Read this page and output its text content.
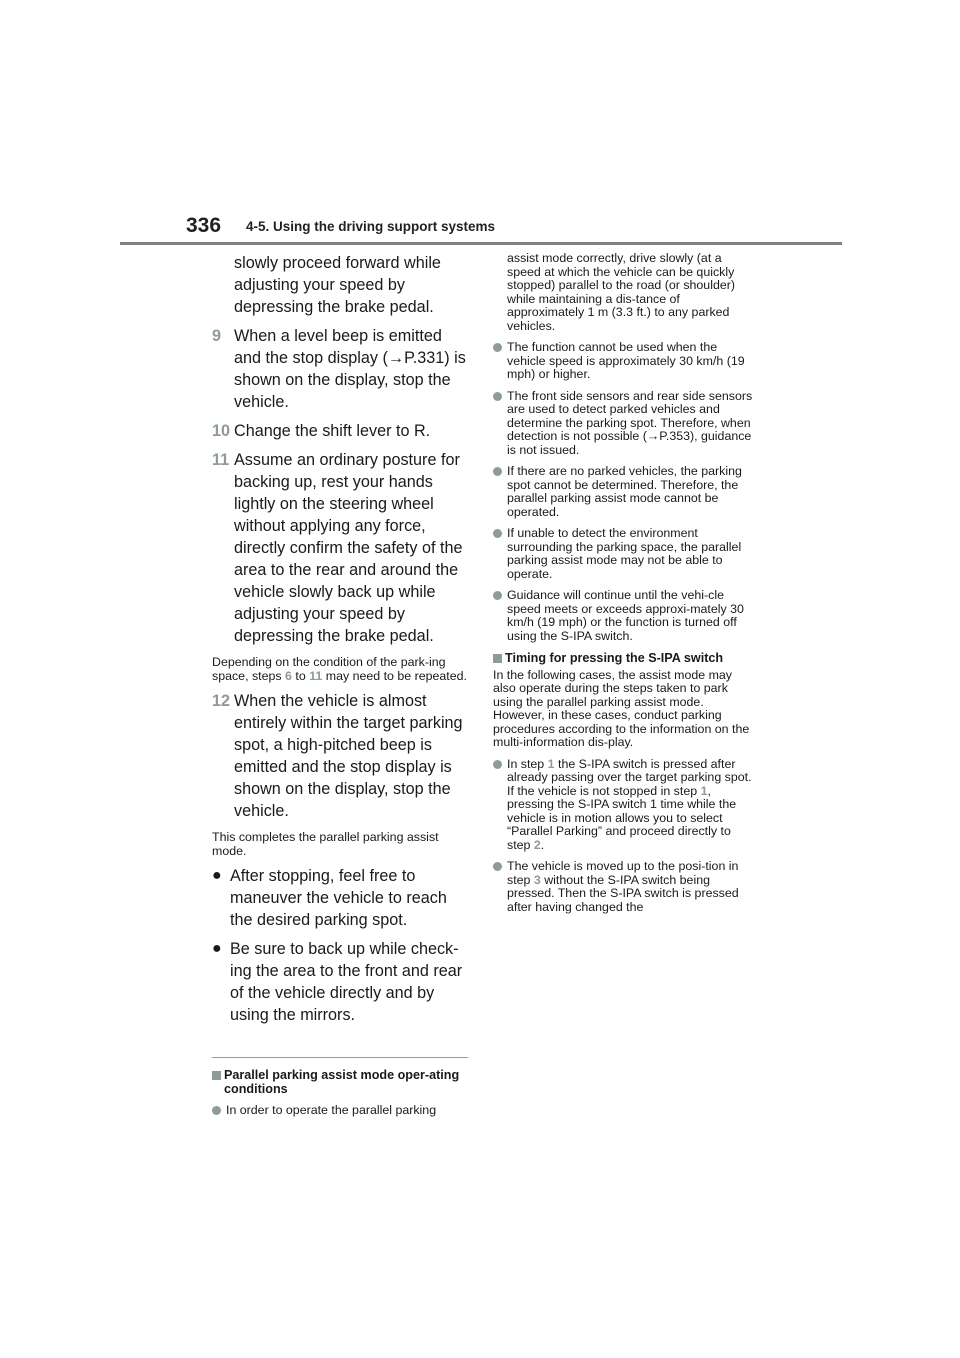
336 4-5. Using the driving support systems
slowly proceed forward while adjusting your speed by depressing the brake pedal.
9 When a level beep is emitted and the stop display (→P.331) is shown on the display, stop the vehicle.
10 Change the shift lever to R.
11 Assume an ordinary posture for backing up, rest your hands lightly on the steering wheel without applying any force, directly confirm the safety of the area to the rear and around the vehicle slowly back up while adjusting your speed by depressing the brake pedal.
Depending on the condition of the park-ing space, steps 6 to 11 may need to be repeated.
12 When the vehicle is almost entirely within the target parking spot, a high-pitched beep is emitted and the stop display is shown on the display, stop the vehicle.
This completes the parallel parking assist mode.
● After stopping, feel free to maneuver the vehicle to reach the desired parking spot.
● Be sure to back up while check-ing the area to the front and rear of the vehicle directly and by using the mirrors.
Parallel parking assist mode oper-ating conditions
In order to operate the parallel parking
assist mode correctly, drive slowly (at a speed at which the vehicle can be quickly stopped) parallel to the road (or shoulder) while maintaining a dis-tance of approximately 1 m (3.3 ft.) to any parked vehicles.
The function cannot be used when the vehicle speed is approximately 30 km/h (19 mph) or higher.
The front side sensors and rear side sensors are used to detect parked vehicles and determine the parking spot. Therefore, when detection is not possible (→P.353), guidance is not issued.
If there are no parked vehicles, the parking spot cannot be determined. Therefore, the parallel parking assist mode cannot be operated.
If unable to detect the environment surrounding the parking space, the parallel parking assist mode may not be able to operate.
Guidance will continue until the vehi-cle speed meets or exceeds approxi-mately 30 km/h (19 mph) or the function is turned off using the S-IPA switch.
Timing for pressing the S-IPA switch
In the following cases, the assist mode may also operate during the steps taken to park using the parallel parking assist mode. However, in these cases, conduct parking procedures according to the information on the multi-information dis-play.
In step 1 the S-IPA switch is pressed after already passing over the target parking spot.
If the vehicle is not stopped in step 1, pressing the S-IPA switch 1 time while the vehicle is in motion allows you to select “Parallel Parking” and proceed directly to step 2.
The vehicle is moved up to the posi-tion in step 3 without the S-IPA switch being pressed. Then the S-IPA switch is pressed after having changed the
